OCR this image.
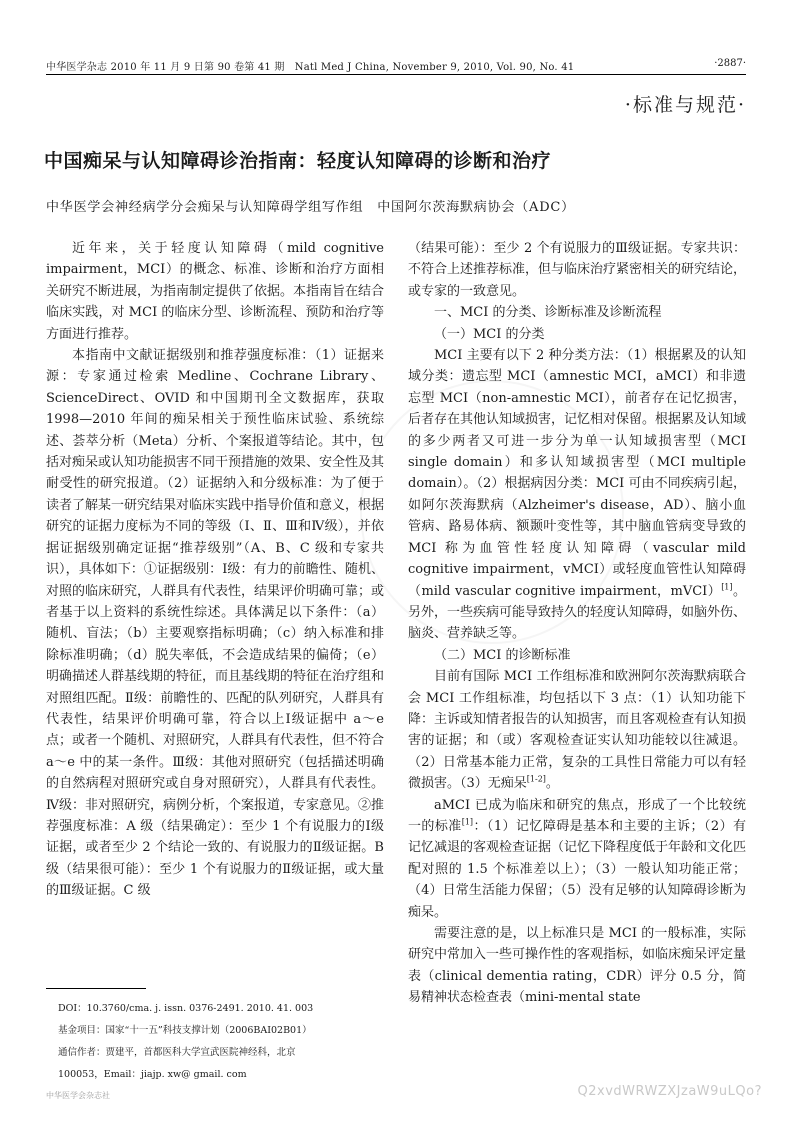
中华医学杂志 2010 年 11 月 9 日第 90 卷第 41 期　Natl Med J China, November 9, 2010, Vol. 90, No. 41	·2887·
·标准与规范·
中国痴呆与认知障碍诊治指南：轻度认知障碍的诊断和治疗
中华医学会神经病学分会痴呆与认知障碍学组写作组　中国阿尔茨海默病协会（ADC）

近年来，关于轻度认知障碍（mild cognitive impairment，MCI）的概念、标准、诊断和治疗方面相关研究不断进展，为指南制定提供了依据。本指南旨在结合临床实践，对 MCI 的临床分型、诊断流程、预防和治疗等方面进行推荐。

本指南中文献证据级别和推荐强度标准：（1）证据来源：专家通过检索 Medline、Cochrane Library、ScienceDirect、OVID 和中国期刊全文数据库，获取1998—2010 年间的痴呆相关于预性临床试验、系统综述、荟萃分析（Meta）分析、个案报道等结论。其中，包括对痴呆或认知功能损害不同干预措施的效果、安全性及其耐受性的研究报道。（2）证据纳入和分级标准：为了便于读者了解某一研究结果对临床实践中指导价值和意义，根据研究的证据力度标为不同的等级（Ⅰ、Ⅱ、Ⅲ和Ⅳ级），并依据证据级别确定证据“推荐级别”（A、B、C 级和专家共识），具体如下：①证据级别：Ⅰ级：有力的前瞻性、随机、对照的临床研究，人群具有代表性，结果评价明确可靠；或者基于以上资料的系统性综述。具体满足以下条件：（a）随机、盲法；（b）主要观察指标明确；（c）纳入标准和排除标准明确；（d）脱失率低，不会造成结果的偏倚；（e）明确描述人群基线期的特征，而且基线期的特征在治疗组和对照组匹配。Ⅱ级：前瞻性的、匹配的队列研究，人群具有代表性，结果评价明确可靠，符合以上Ⅰ级证据中 a～e 点；或者一个随机、对照研究，人群具有代表性，但不符合 a～e 中的某一条件。Ⅲ级：其他对照研究（包括描述明确的自然病程对照研究或自身对照研究），人群具有代表性。Ⅳ级：非对照研究，病例分析，个案报道，专家意见。②推荐强度标准：A 级（结果确定）：至少 1 个有说服力的Ⅰ级证据，或者至少 2 个结论一致的、有说服力的Ⅱ级证据。B 级（结果很可能）：至少 1 个有说服力的Ⅱ级证据，或大量的Ⅲ级证据。C 级

（结果可能）：至少 2 个有说服力的Ⅲ级证据。专家共识：不符合上述推荐标准，但与临床治疗紧密相关的研究结论，或专家的一致意见。

一、MCI 的分类、诊断标准及诊断流程
（一）MCI 的分类

MCI 主要有以下 2 种分类方法：（1）根据累及的认知域分类：遗忘型 MCI（amnestic MCI，aMCI）和非遗忘型 MCI（non-amnestic MCI），前者存在记忆损害，后者存在其他认知域损害，记忆相对保留。根据累及认知域的多少两者又可进一步分为单一认知域损害型（MCI single domain）和多认知域损害型（MCI multiple domain）。（2）根据病因分类：MCI 可由不同疾病引起，如阿尔茨海默病（Alzheimer's disease，AD）、脑小血管病、路易体病、额颞叶变性等，其中脑血管病变导致的 MCI 称为血管性轻度认知障碍（vascular mild cognitive impairment，vMCI）或轻度血管性认知障碍（mild vascular cognitive impairment，mVCI）[1]。另外，一些疾病可能导致持久的轻度认知障碍，如脑外伤、脑炎、营养缺乏等。

（二）MCI 的诊断标准

目前有国际 MCI 工作组标准和欧洲阿尔茨海默病联合会 MCI 工作组标准，均包括以下 3 点：（1）认知功能下降：主诉或知情者报告的认知损害，而且客观检查有认知损害的证据；和（或）客观检查证实认知功能较以往减退。（2）日常基本能力正常，复杂的工具性日常能力可以有轻微损害。（3）无痴呆[1-2]。

aMCI 已成为临床和研究的焦点，形成了一个比较统一的标准[1]：（1）记忆障碍是基本和主要的主诉；（2）有记忆减退的客观检查证据（记忆下降程度低于年龄和文化匹配对照的 1.5 个标准差以上）；（3）一般认知功能正常；（4）日常生活能力保留；（5）没有足够的认知障碍诊断为痴呆。

需要注意的是，以上标准只是 MCI 的一般标准，实际研究中常加入一些可操作性的客观指标，如临床痴呆评定量表（clinical dementia rating，CDR）评分 0.5 分，简易精神状态检查表（mini-mental state

DOI：10.3760/cma. j. issn. 0376-2491. 2010. 41. 003
基金项目：国家“十一五”科技支撑计划（2006BAI02B01）
通信作者：贾建平，首都医科大学宣武医院神经科，北京
100053，Email：jiajp. xw@ gmail. com
中华医学会杂志社	Q2xvdWRWZXJzaW9uLQo?
